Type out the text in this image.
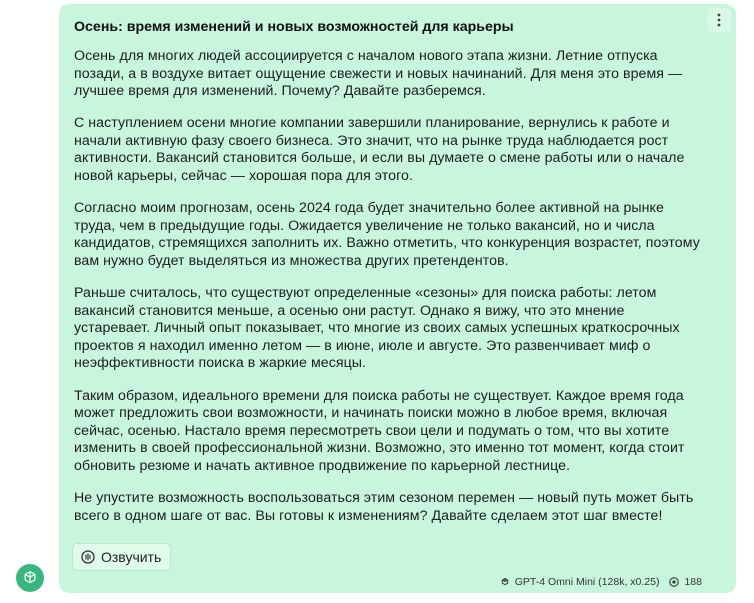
Осень: время изменений и новых возможностей для карьеры

Осень для многих людей ассоциируется с началом нового этапа жизни. Летние отпуска позади, а в воздухе витает ощущение свежести и новых начинаний. Для меня это время — лучшее время для изменений. Почему? Давайте разберемся.

С наступлением осени многие компании завершили планирование, вернулись к работе и начали активную фазу своего бизнеса. Это значит, что на рынке труда наблюдается рост активности. Вакансий становится больше, и если вы думаете о смене работы или о начале новой карьеры, сейчас — хорошая пора для этого.

Согласно моим прогнозам, осень 2024 года будет значительно более активной на рынке труда, чем в предыдущие годы. Ожидается увеличение не только вакансий, но и числа кандидатов, стремящихся заполнить их. Важно отметить, что конкуренция возрастет, поэтому вам нужно будет выделяться из множества других претендентов.

Раньше считалось, что существуют определенные «сезоны» для поиска работы: летом вакансий становится меньше, а осенью они растут. Однако я вижу, что это мнение устаревает. Личный опыт показывает, что многие из своих самых успешных краткосрочных проектов я находил именно летом — в июне, июле и августе. Это развенчивает миф о неэффективности поиска в жаркие месяцы.

Таким образом, идеального времени для поиска работы не существует. Каждое время года может предложить свои возможности, и начинать поиски можно в любое время, включая сейчас, осенью. Настало время пересмотреть свои цели и подумать о том, что вы хотите изменить в своей профессиональной жизни. Возможно, это именно тот момент, когда стоит обновить резюме и начать активное продвижение по карьерной лестнице.

Не упустите возможность воспользоваться этим сезоном перемен — новый путь может быть всего в одном шаге от вас. Вы готовы к изменениям? Давайте сделаем этот шаг вместе!

Озвучить
GPT-4 Omni Mini (128k, x0.25) 188
